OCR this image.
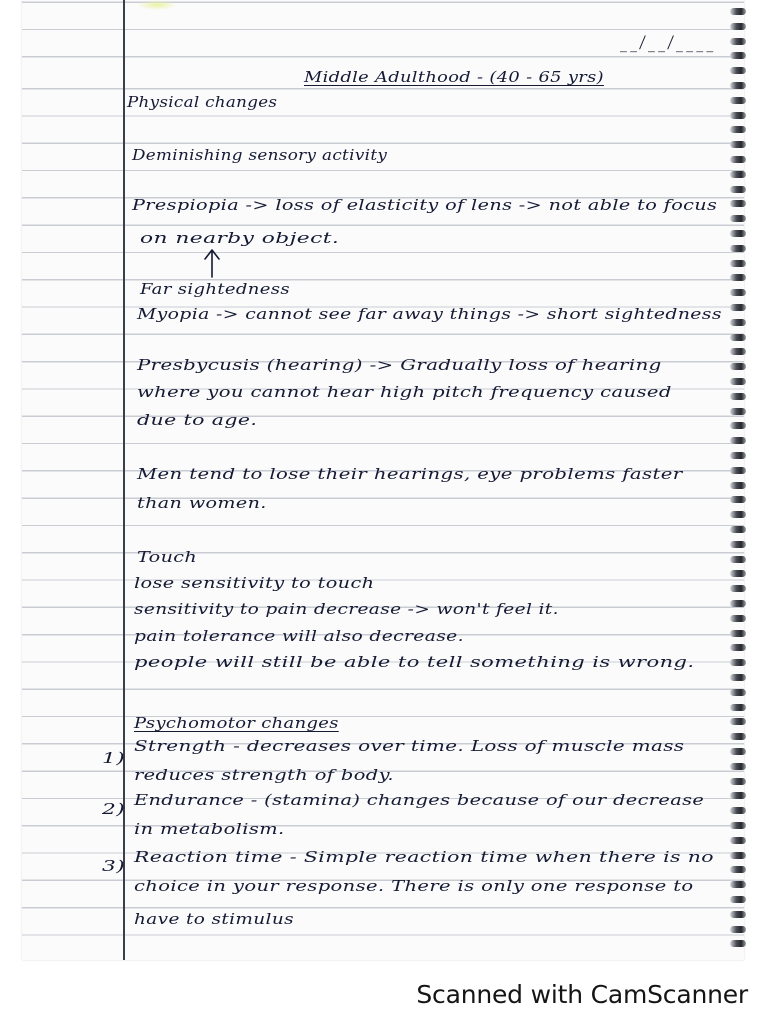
__/__/____

Middle Adulthood - (40 - 65 yrs)

Physical changes

Deminishing sensory activity

Prespiopia -> loss of elasticity of lens -> not able to focus

on nearby object.

Far sightedness

Myopia -> cannot see far away things -> short sightedness

Presbycusis (hearing) -> Gradually loss of hearing

where you cannot hear high pitch frequency caused

due to age.

Men tend to lose their hearings, eye problems faster

than women.

Touch

lose sensitivity to touch

sensitivity to pain decrease -> won't feel it.

pain tolerance will also decrease.

people will still be able to tell something is wrong.

Psychomotor changes

Strength - decreases over time. Loss of muscle mass

reduces strength of body.

Endurance - (stamina) changes because of our decrease

in metabolism.

Reaction time - Simple reaction time when there is no

choice in your response. There is only one response to

have to stimulus

1)

2)

3)

Scanned with CamScanner
